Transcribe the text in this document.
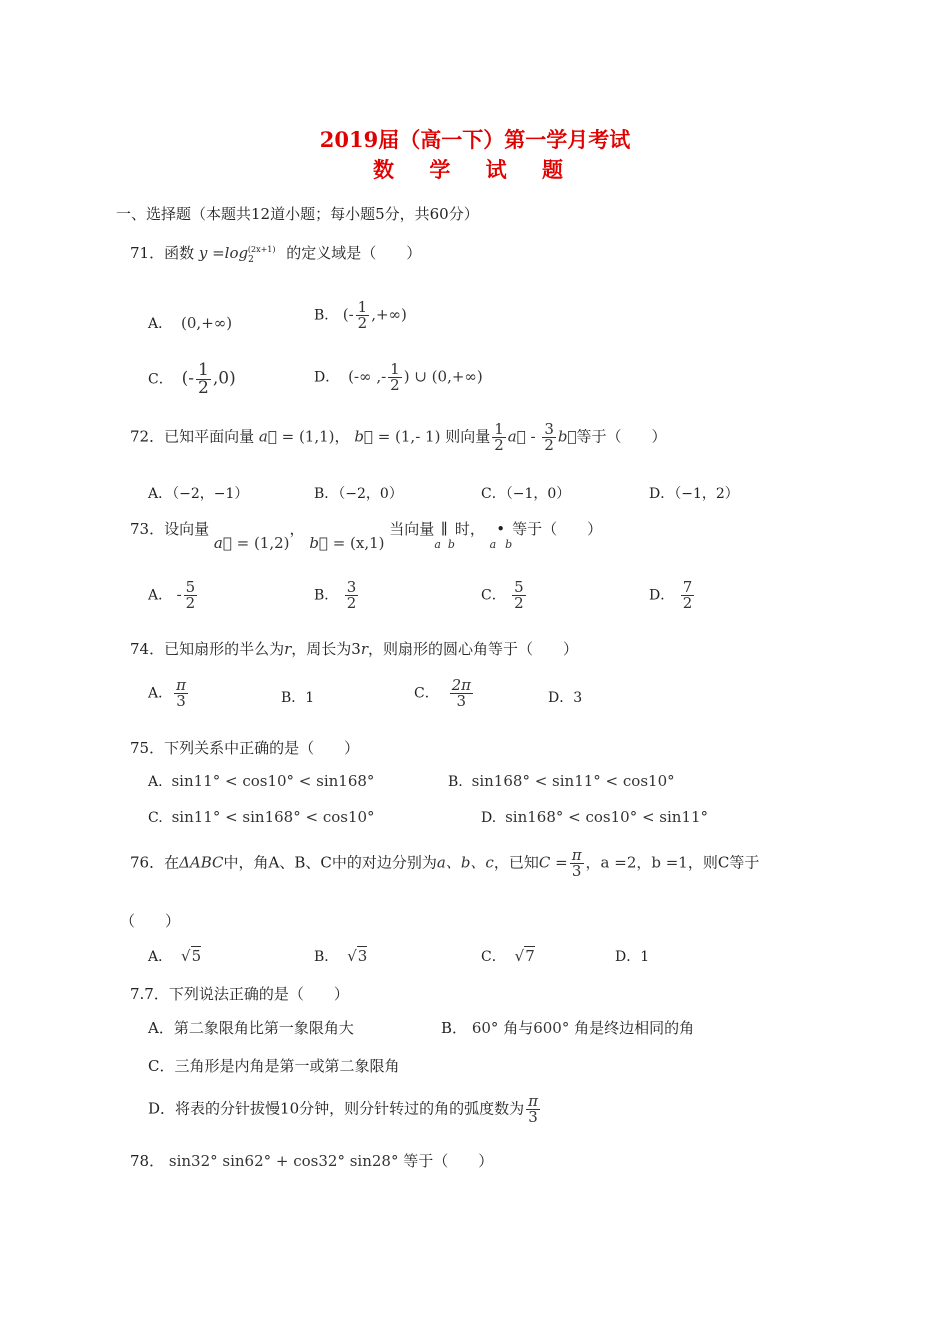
2019届（高一下）第一学月考试
数 学 试 题
一、选择题（本题共12道小题；每小题5分，共60分）
71．函数 $y =\log_2^{(2x+1)}$ 的定义域是（　　）
A． (0,+∞)	B． (- $\frac{1}{2}$ ,+∞)
C． (- $\frac{1}{2} ,0$)	D． (-∞ ,- $\frac{1}{2}$ ) ∪ (0,+∞)
72．已知平面向量 a⃗ = (1,1)， b⃗ = (1,- 1) 则向量 $\frac{1}{2}$ a⃗ - $\frac{3}{2}$ b⃗等于（　　）
A．（−2，−1）	B．（−2，0）	C．（−1，0）	D．（−1，2）
73．设向量 a⃗ = (1,2)， b⃗ = (x,1) 当向量$_a\parallel_b$时， $_a•_b$等于（　　）
A． - $\frac{5}{2}$	B． $\frac{3}{2}$	C． $\frac{5}{2}$	D． $\frac{7}{2}$
74．已知扇形的半么为r，周长为3r，则扇形的圆心角等于（　　）
A． $\frac{\pi}{3}$	B．1	C． $\frac{2\pi}{3}$	D．3
75．下列关系中正确的是（　　）
A. sin11° < cos10° < sin168°	B. sin168° < sin11° < cos10°
C. sin11° < sin168° < cos10°	D. sin168° < cos10° < sin11°
76．在ΔABC中，角A、B、C中的对边分别为a、b、c，已知$C = \frac{\pi}{3}$ ，a =2，b =1，则C等于
（　　）
A． √5	B． √3	C． √7	D．1
7.7．下列说法正确的是（　　）
A．第二象限角比第一象限角大	B． 60° 角与600° 角是终边相同的角
C．三角形是内角是第一或第二象限角
D．将表的分针拔慢10分钟，则分针转过的角的弧度数为 $\frac{\pi}{3}$
78． sin32° sin62° + cos32° sin28° 等于（　　）
